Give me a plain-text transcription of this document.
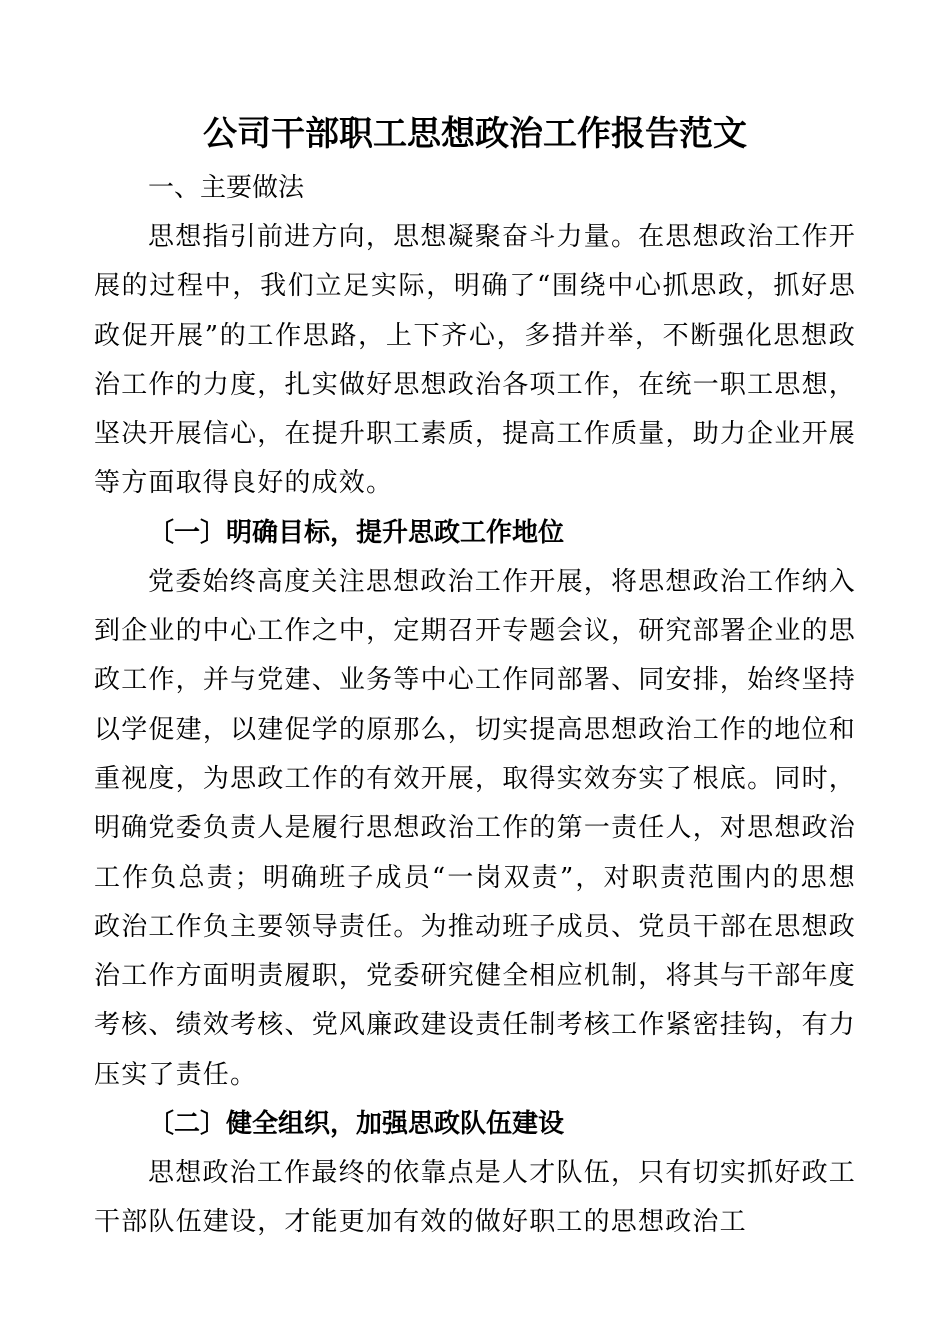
公司干部职工思想政治工作报告范文

一、主要做法

思想指引前进方向，思想凝聚奋斗力量。在思想政治工作开展的过程中，我们立足实际，明确了“围绕中心抓思政，抓好思政促开展”的工作思路，上下齐心，多措并举，不断强化思想政治工作的力度，扎实做好思想政治各项工作，在统一职工思想，坚决开展信心，在提升职工素质，提高工作质量，助力企业开展等方面取得良好的成效。

〔一〕明确目标，提升思政工作地位

党委始终高度关注思想政治工作开展，将思想政治工作纳入到企业的中心工作之中，定期召开专题会议，研究部署企业的思政工作，并与党建、业务等中心工作同部署、同安排，始终坚持以学促建，以建促学的原那么，切实提高思想政治工作的地位和重视度，为思政工作的有效开展，取得实效夯实了根底。同时，明确党委负责人是履行思想政治工作的第一责任人，对思想政治工作负总责；明确班子成员“一岗双责”，对职责范围内的思想政治工作负主要领导责任。为推动班子成员、党员干部在思想政治工作方面明责履职，党委研究健全相应机制，将其与干部年度考核、绩效考核、党风廉政建设责任制考核工作紧密挂钩，有力压实了责任。

〔二〕健全组织，加强思政队伍建设

思想政治工作最终的依靠点是人才队伍，只有切实抓好政工干部队伍建设，才能更加有效的做好职工的思想政治工
